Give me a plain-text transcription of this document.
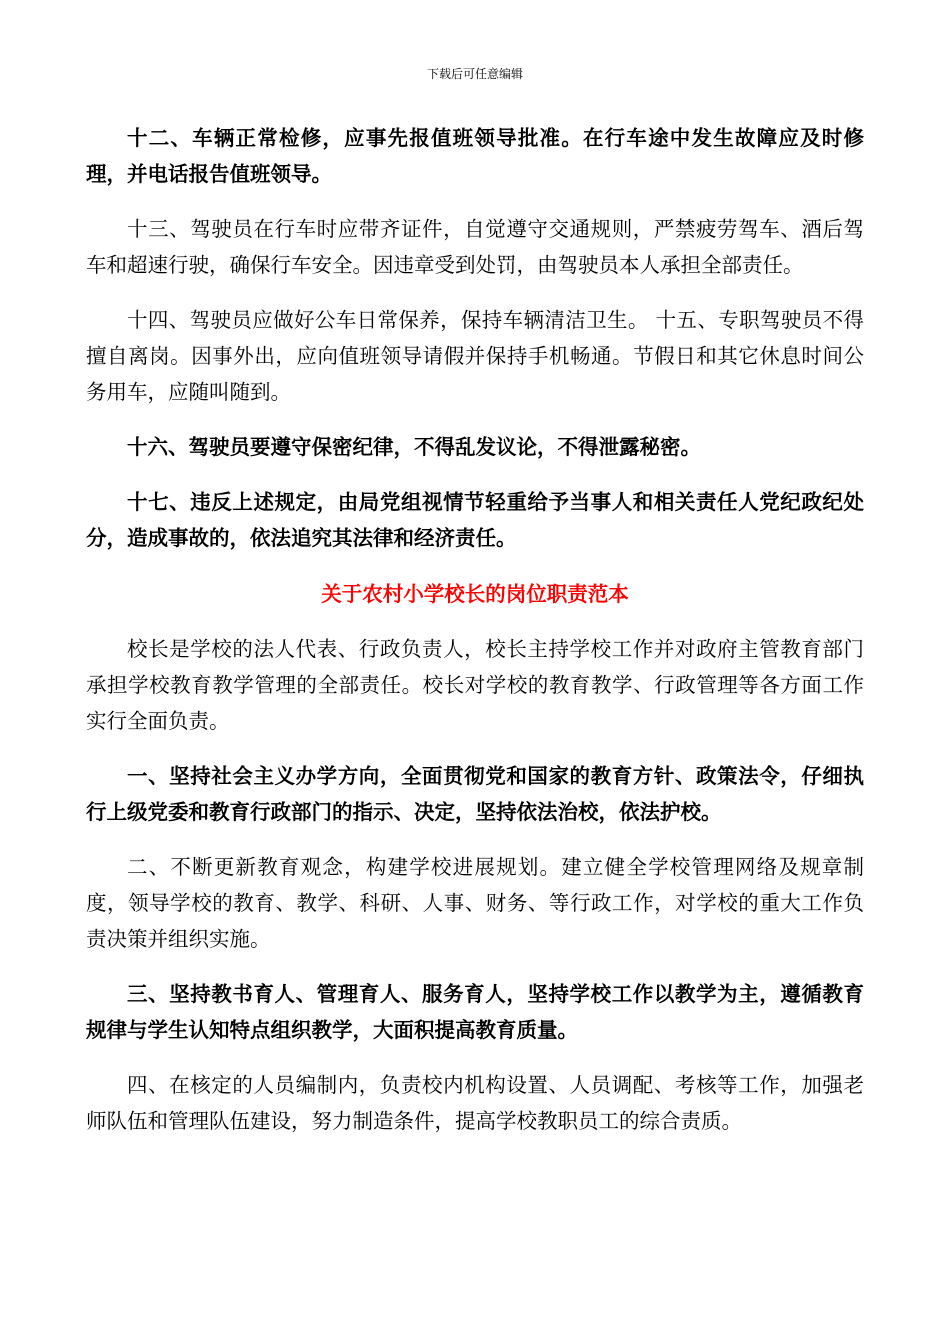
下载后可任意编辑

十二、车辆正常检修，应事先报值班领导批准。在行车途中发生故障应及时修理，并电话报告值班领导。

十三、驾驶员在行车时应带齐证件，自觉遵守交通规则，严禁疲劳驾车、酒后驾车和超速行驶，确保行车安全。因违章受到处罚，由驾驶员本人承担全部责任。

十四、驾驶员应做好公车日常保养，保持车辆清洁卫生。 十五、专职驾驶员不得擅自离岗。因事外出，应向值班领导请假并保持手机畅通。节假日和其它休息时间公务用车，应随叫随到。

十六、驾驶员要遵守保密纪律，不得乱发议论，不得泄露秘密。

十七、违反上述规定，由局党组视情节轻重给予当事人和相关责任人党纪政纪处分，造成事故的，依法追究其法律和经济责任。

关于农村小学校长的岗位职责范本

校长是学校的法人代表、行政负责人，校长主持学校工作并对政府主管教育部门承担学校教育教学管理的全部责任。校长对学校的教育教学、行政管理等各方面工作实行全面负责。

一、坚持社会主义办学方向，全面贯彻党和国家的教育方针、政策法令，仔细执行上级党委和教育行政部门的指示、决定，坚持依法治校，依法护校。

二、不断更新教育观念，构建学校进展规划。建立健全学校管理网络及规章制度，领导学校的教育、教学、科研、人事、财务、等行政工作，对学校的重大工作负责决策并组织实施。

三、坚持教书育人、管理育人、服务育人，坚持学校工作以教学为主，遵循教育规律与学生认知特点组织教学，大面积提高教育质量。

四、在核定的人员编制内，负责校内机构设置、人员调配、考核等工作，加强老师队伍和管理队伍建设，努力制造条件，提高学校教职员工的综合责质。
